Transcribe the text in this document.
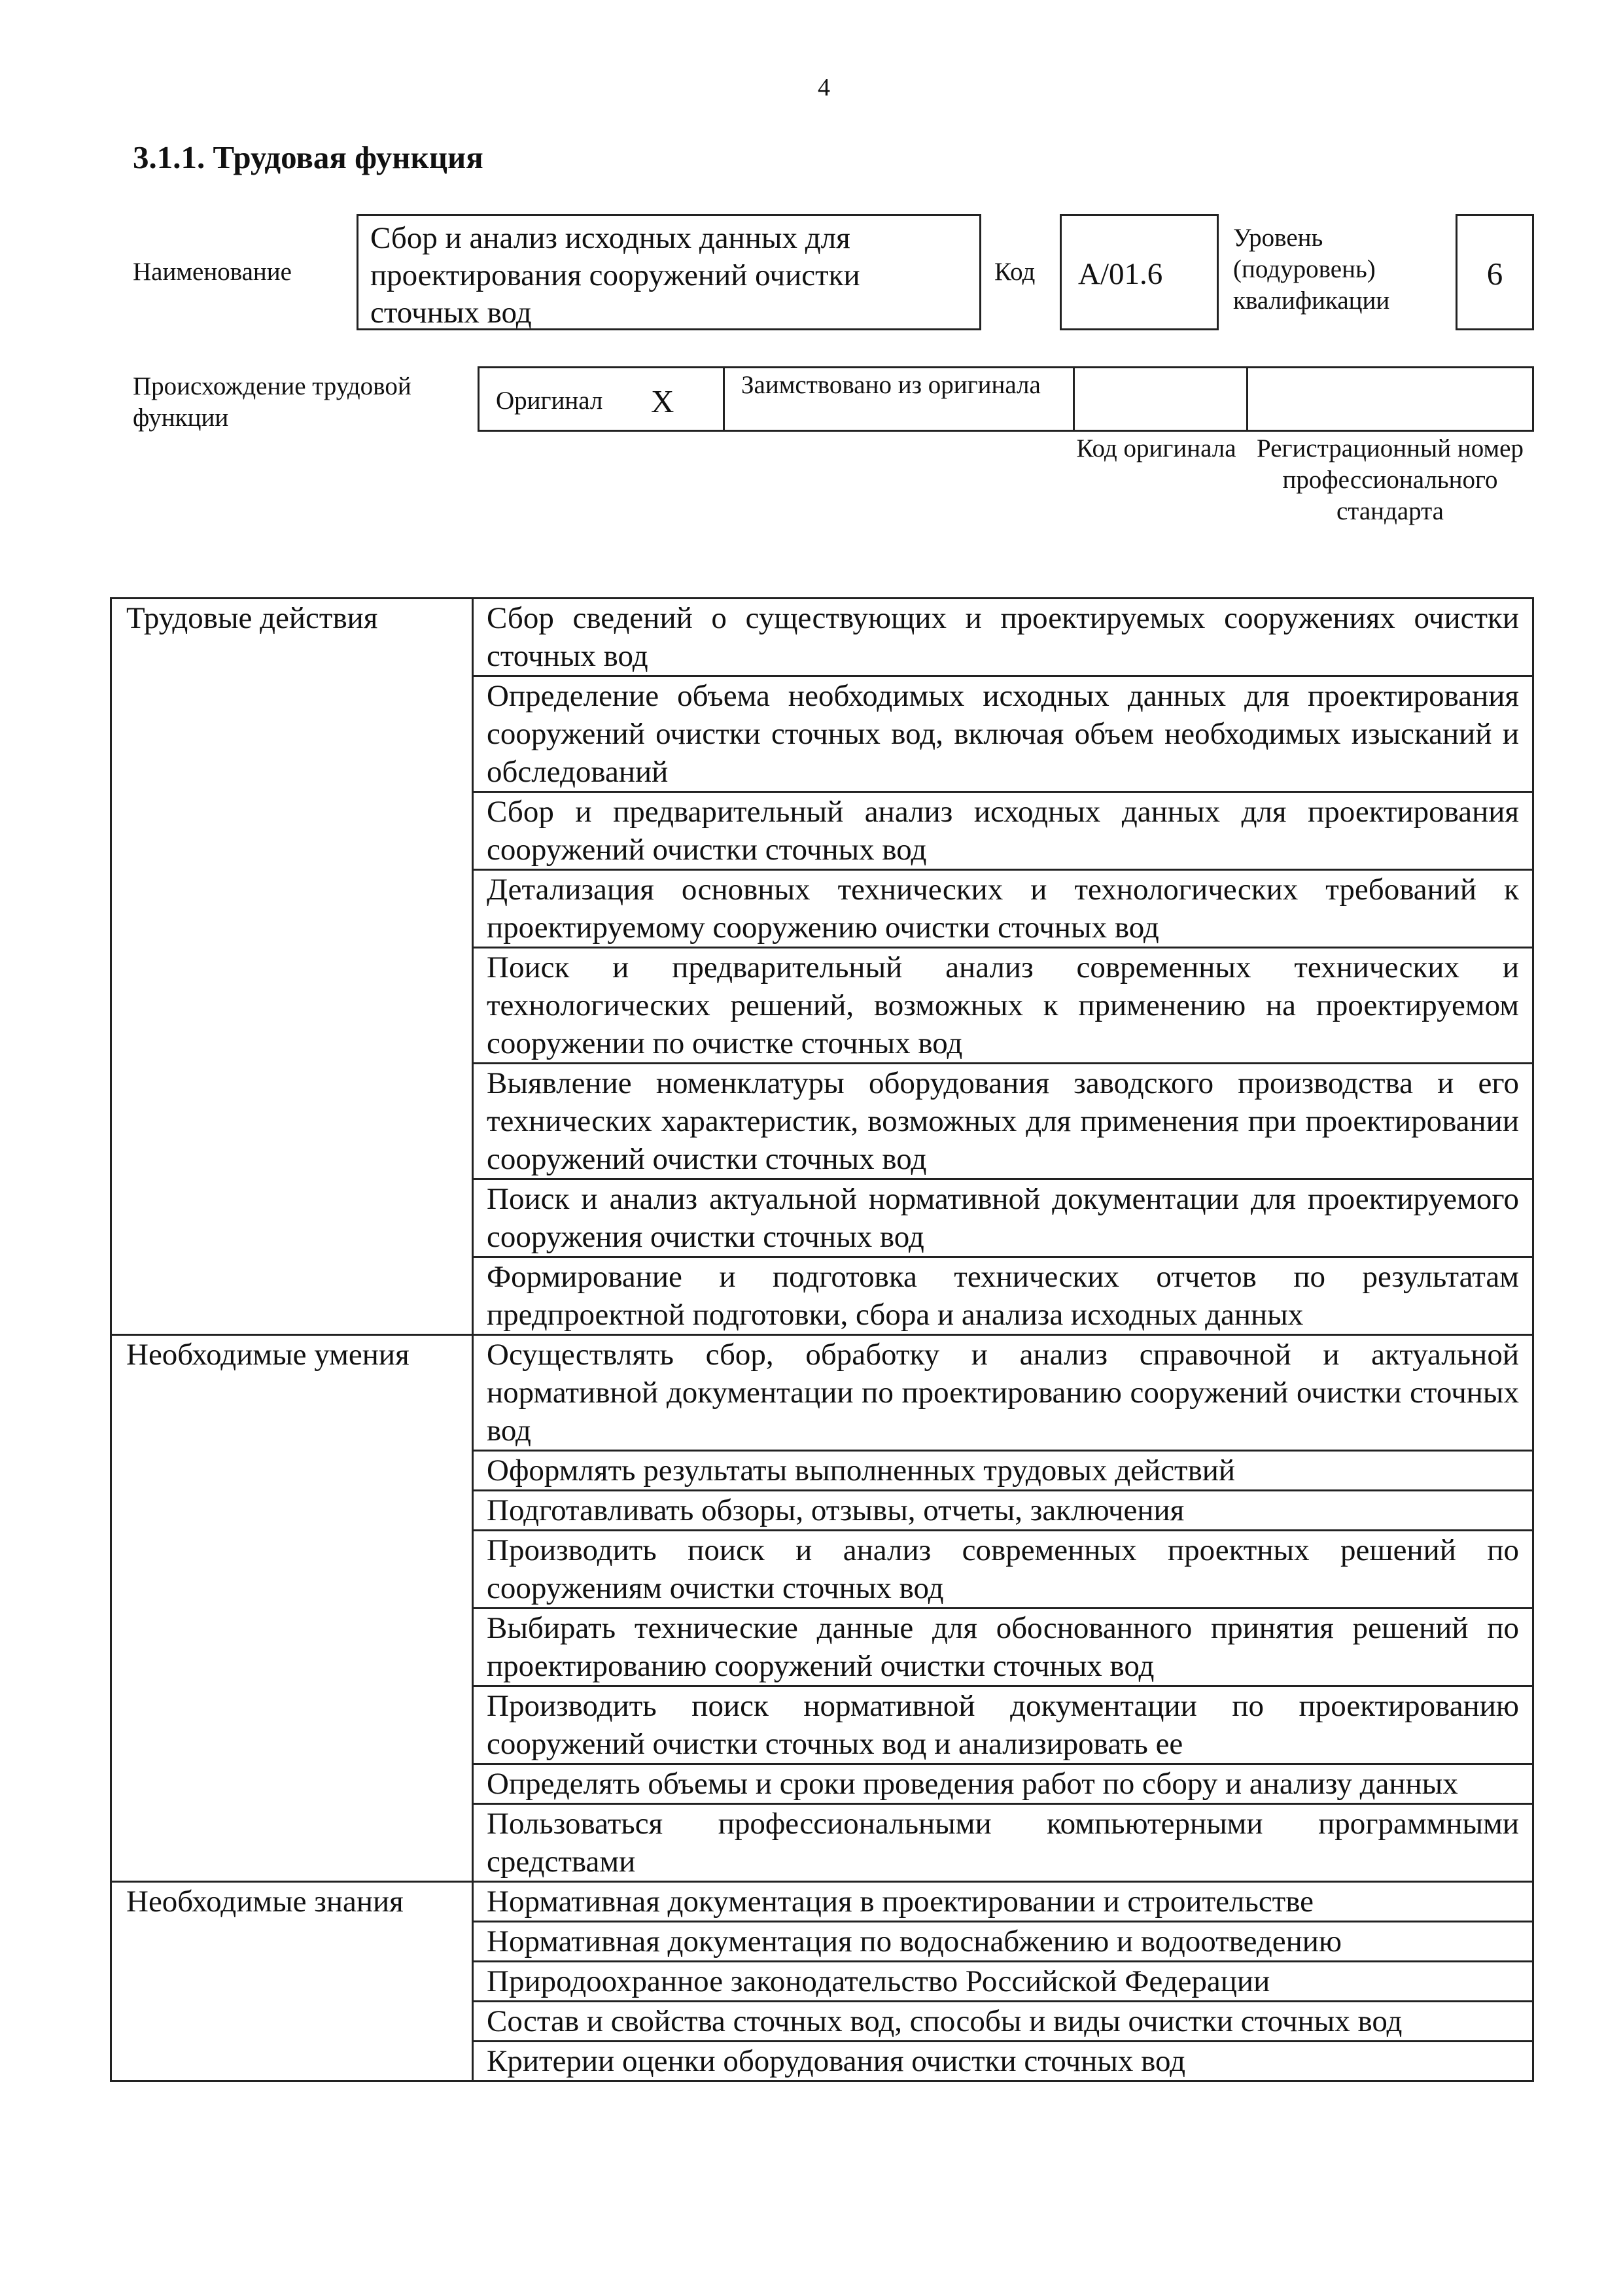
4
3.1.1. Трудовая функция
Наименование
Сбор и анализ исходных данных для проектирования сооружений очистки сточных вод
Код	A/01.6
Уровень (подуровень) квалификации
6
Происхождение трудовой функции
Оригинал X	Заимствовано из оригинала
Код оригинала Регистрационный номер профессионального стандарта
Трудовые действия	Сбор сведений о существующих и проектируемых сооружениях очистки сточных вод
	Определение объема необходимых исходных данных для проектирования сооружений очистки сточных вод, включая объем необходимых изысканий и обследований
	Сбор и предварительный анализ исходных данных для проектирования сооружений очистки сточных вод
	Детализация основных технических и технологических требований к проектируемому сооружению очистки сточных вод
	Поиск и предварительный анализ современных технических и технологических решений, возможных к применению на проектируемом сооружении по очистке сточных вод
	Выявление номенклатуры оборудования заводского производства и его технических характеристик, возможных для применения при проектировании сооружений очистки сточных вод
	Поиск и анализ актуальной нормативной документации для проектируемого сооружения очистки сточных вод
	Формирование и подготовка технических отчетов по результатам предпроектной подготовки, сбора и анализа исходных данных
Необходимые умения	Осуществлять сбор, обработку и анализ справочной и актуальной нормативной документации по проектированию сооружений очистки сточных вод
	Оформлять результаты выполненных трудовых действий
	Подготавливать обзоры, отзывы, отчеты, заключения
	Производить поиск и анализ современных проектных решений по сооружениям очистки сточных вод
	Выбирать технические данные для обоснованного принятия решений по проектированию сооружений очистки сточных вод
	Производить поиск нормативной документации по проектированию сооружений очистки сточных вод и анализировать ее
	Определять объемы и сроки проведения работ по сбору и анализу данных
	Пользоваться профессиональными компьютерными программными средствами
Необходимые знания	Нормативная документация в проектировании и строительстве
	Нормативная документация по водоснабжению и водоотведению
	Природоохранное законодательство Российской Федерации
	Состав и свойства сточных вод, способы и виды очистки сточных вод
	Критерии оценки оборудования очистки сточных вод
